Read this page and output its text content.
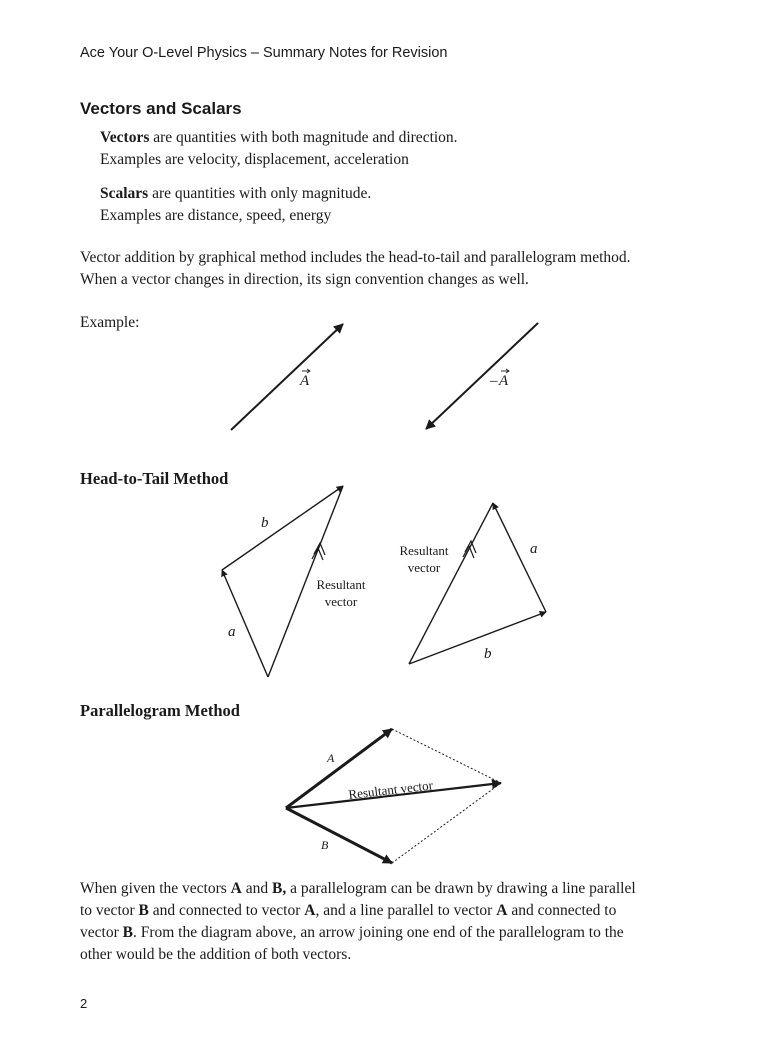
Ace Your O-Level Physics – Summary Notes for Revision
Vectors and Scalars
Vectors are quantities with both magnitude and direction.
Examples are velocity, displacement, acceleration
Scalars are quantities with only magnitude.
Examples are distance, speed, energy
Vector addition by graphical method includes the head-to-tail and parallelogram method.
When a vector changes in direction, its sign convention changes as well.
Example:
A	– A
Head-to-Tail Method
a
b
Resultant
vector
a
b
Resultant
vector
Parallelogram Method
A
B
Resultant vector
When given the vectors A and B, a parallelogram can be drawn by drawing a line parallel
to vector B and connected to vector A, and a line parallel to vector A and connected to
vector B. From the diagram above, an arrow joining one end of the parallelogram to the
other would be the addition of both vectors.
2
